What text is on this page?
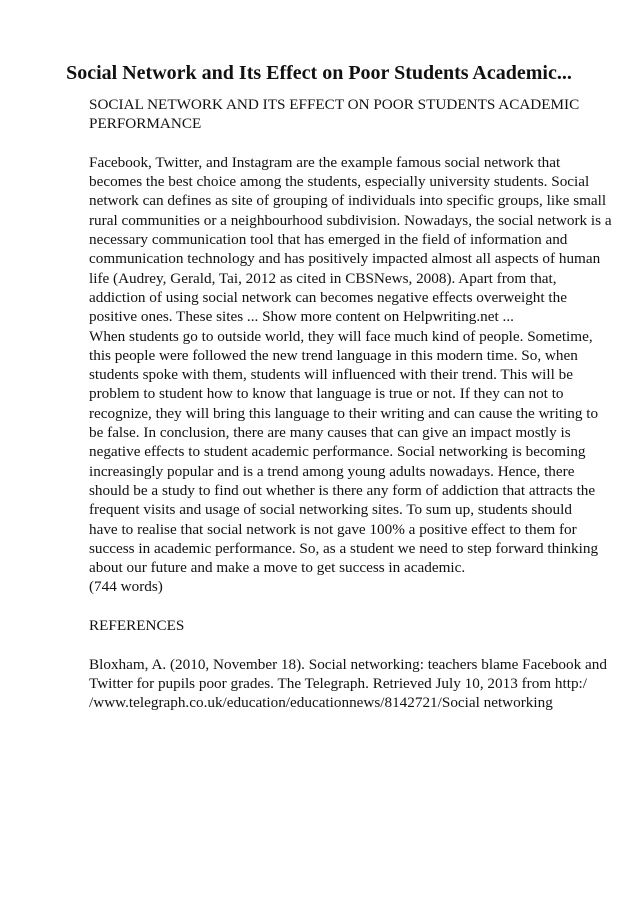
Social Network and Its Effect on Poor Students Academic...

SOCIAL NETWORK AND ITS EFFECT ON POOR STUDENTS ACADEMIC

PERFORMANCE

Facebook, Twitter, and Instagram are the example famous social network that

becomes the best choice among the students, especially university students. Social

network can defines as site of grouping of individuals into specific groups, like small

rural communities or a neighbourhood subdivision. Nowadays, the social network is a

necessary communication tool that has emerged in the field of information and

communication technology and has positively impacted almost all aspects of human

life (Audrey, Gerald, Tai, 2012 as cited in CBSNews, 2008). Apart from that,

addiction of using social network can becomes negative effects overweight the

positive ones. These sites ... Show more content on Helpwriting.net ...

When students go to outside world, they will face much kind of people. Sometime,

this people were followed the new trend language in this modern time. So, when

students spoke with them, students will influenced with their trend. This will be

problem to student how to know that language is true or not. If they can not to

recognize, they will bring this language to their writing and can cause the writing to

be false. In conclusion, there are many causes that can give an impact mostly is

negative effects to student academic performance. Social networking is becoming

increasingly popular and is a trend among young adults nowadays. Hence, there

should be a study to find out whether is there any form of addiction that attracts the

frequent visits and usage of social networking sites. To sum up, students should

have to realise that social network is not gave 100% a positive effect to them for

success in academic performance. So, as a student we need to step forward thinking

about our future and make a move to get success in academic.

(744 words)

REFERENCES

Bloxham, A. (2010, November 18). Social networking: teachers blame Facebook and

Twitter for pupils poor grades. The Telegraph. Retrieved July 10, 2013 from http:/

/www.telegraph.co.uk/education/educationnews/8142721/Social networking
